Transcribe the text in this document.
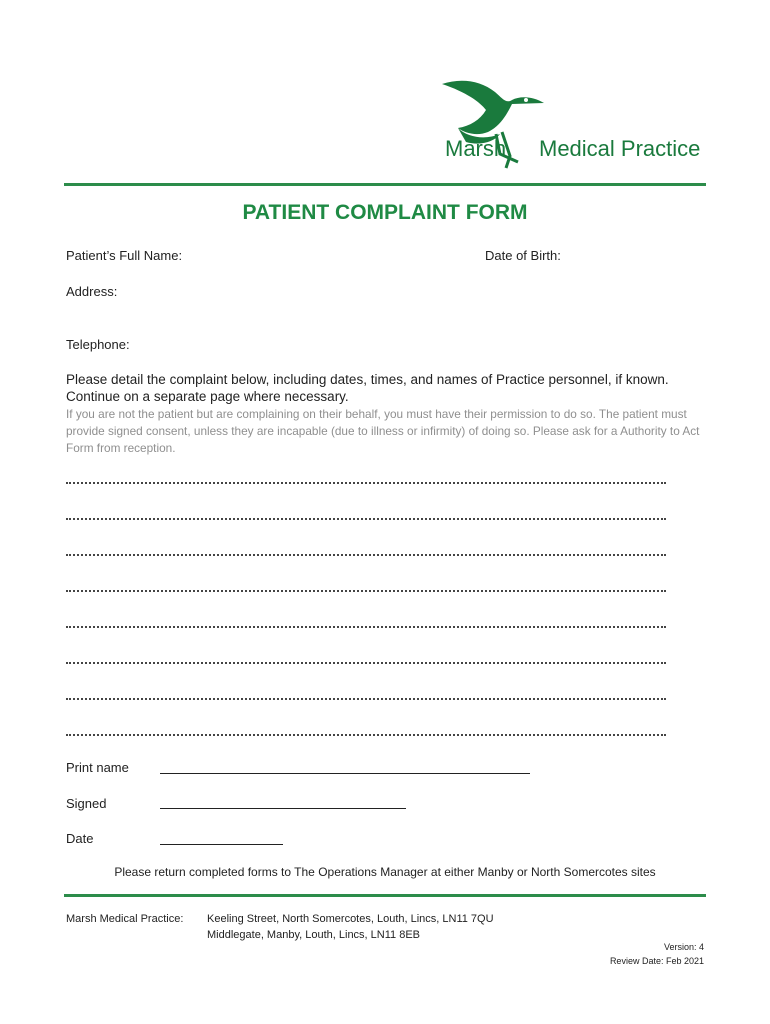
Marsh Medical Practice
PATIENT COMPLAINT FORM
Patient’s Full Name:	Date of Birth:
Address:
Telephone:
Please detail the complaint below, including dates, times, and names of Practice personnel, if known. Continue on a separate page where necessary.
If you are not the patient but are complaining on their behalf, you must have their permission to do so. The patient must provide signed consent, unless they are incapable (due to illness or infirmity) of doing so. Please ask for a Authority to Act Form from reception.
Print name
Signed
Date
Please return completed forms to The Operations Manager at either Manby or North Somercotes sites
Marsh Medical Practice: Keeling Street, North Somercotes, Louth, Lincs, LN11 7QU
Middlegate, Manby, Louth, Lincs, LN11 8EB
Version: 4
Review Date: Feb 2021
